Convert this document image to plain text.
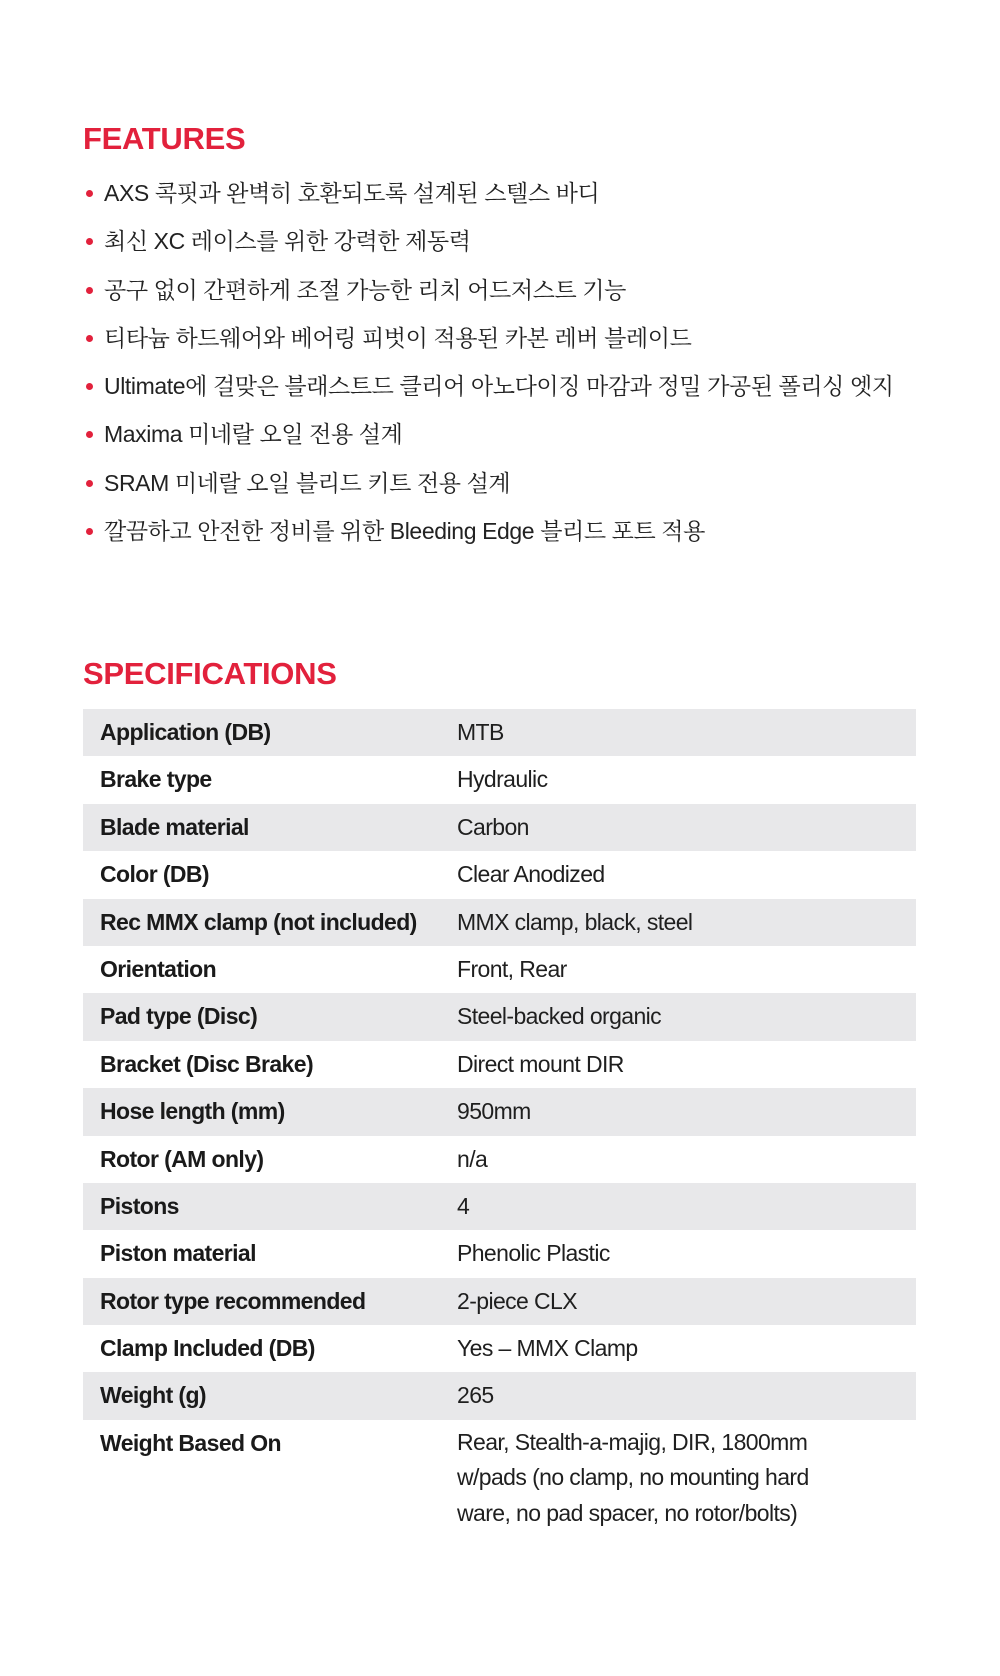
FEATURES
AXS 콕핏과 완벽히 호환되도록 설계된 스텔스 바디
최신 XC 레이스를 위한 강력한 제동력
공구 없이 간편하게 조절 가능한 리치 어드저스트 기능
티타늄 하드웨어와 베어링 피벗이 적용된 카본 레버 블레이드
Ultimate에 걸맞은 블래스트드 클리어 아노다이징 마감과 정밀 가공된 폴리싱 엣지
Maxima 미네랄 오일 전용 설계
SRAM 미네랄 오일 블리드 키트 전용 설계
깔끔하고 안전한 정비를 위한 Bleeding Edge 블리드 포트 적용
SPECIFICATIONS
Application (DB)	MTB
Brake type	Hydraulic
Blade material	Carbon
Color (DB)	Clear Anodized
Rec MMX clamp (not included)	MMX clamp, black, steel
Orientation	Front, Rear
Pad type (Disc)	Steel-backed organic
Bracket (Disc Brake)	Direct mount DIR
Hose length (mm)	950mm
Rotor (AM only)	n/a
Pistons	4
Piston material	Phenolic Plastic
Rotor type recommended	2-piece CLX
Clamp Included (DB)	Yes – MMX Clamp
Weight (g)	265
Weight Based On	Rear, Stealth-a-majig, DIR, 1800mm w/pads (no clamp, no mounting hard ware, no pad spacer, no rotor/bolts)
